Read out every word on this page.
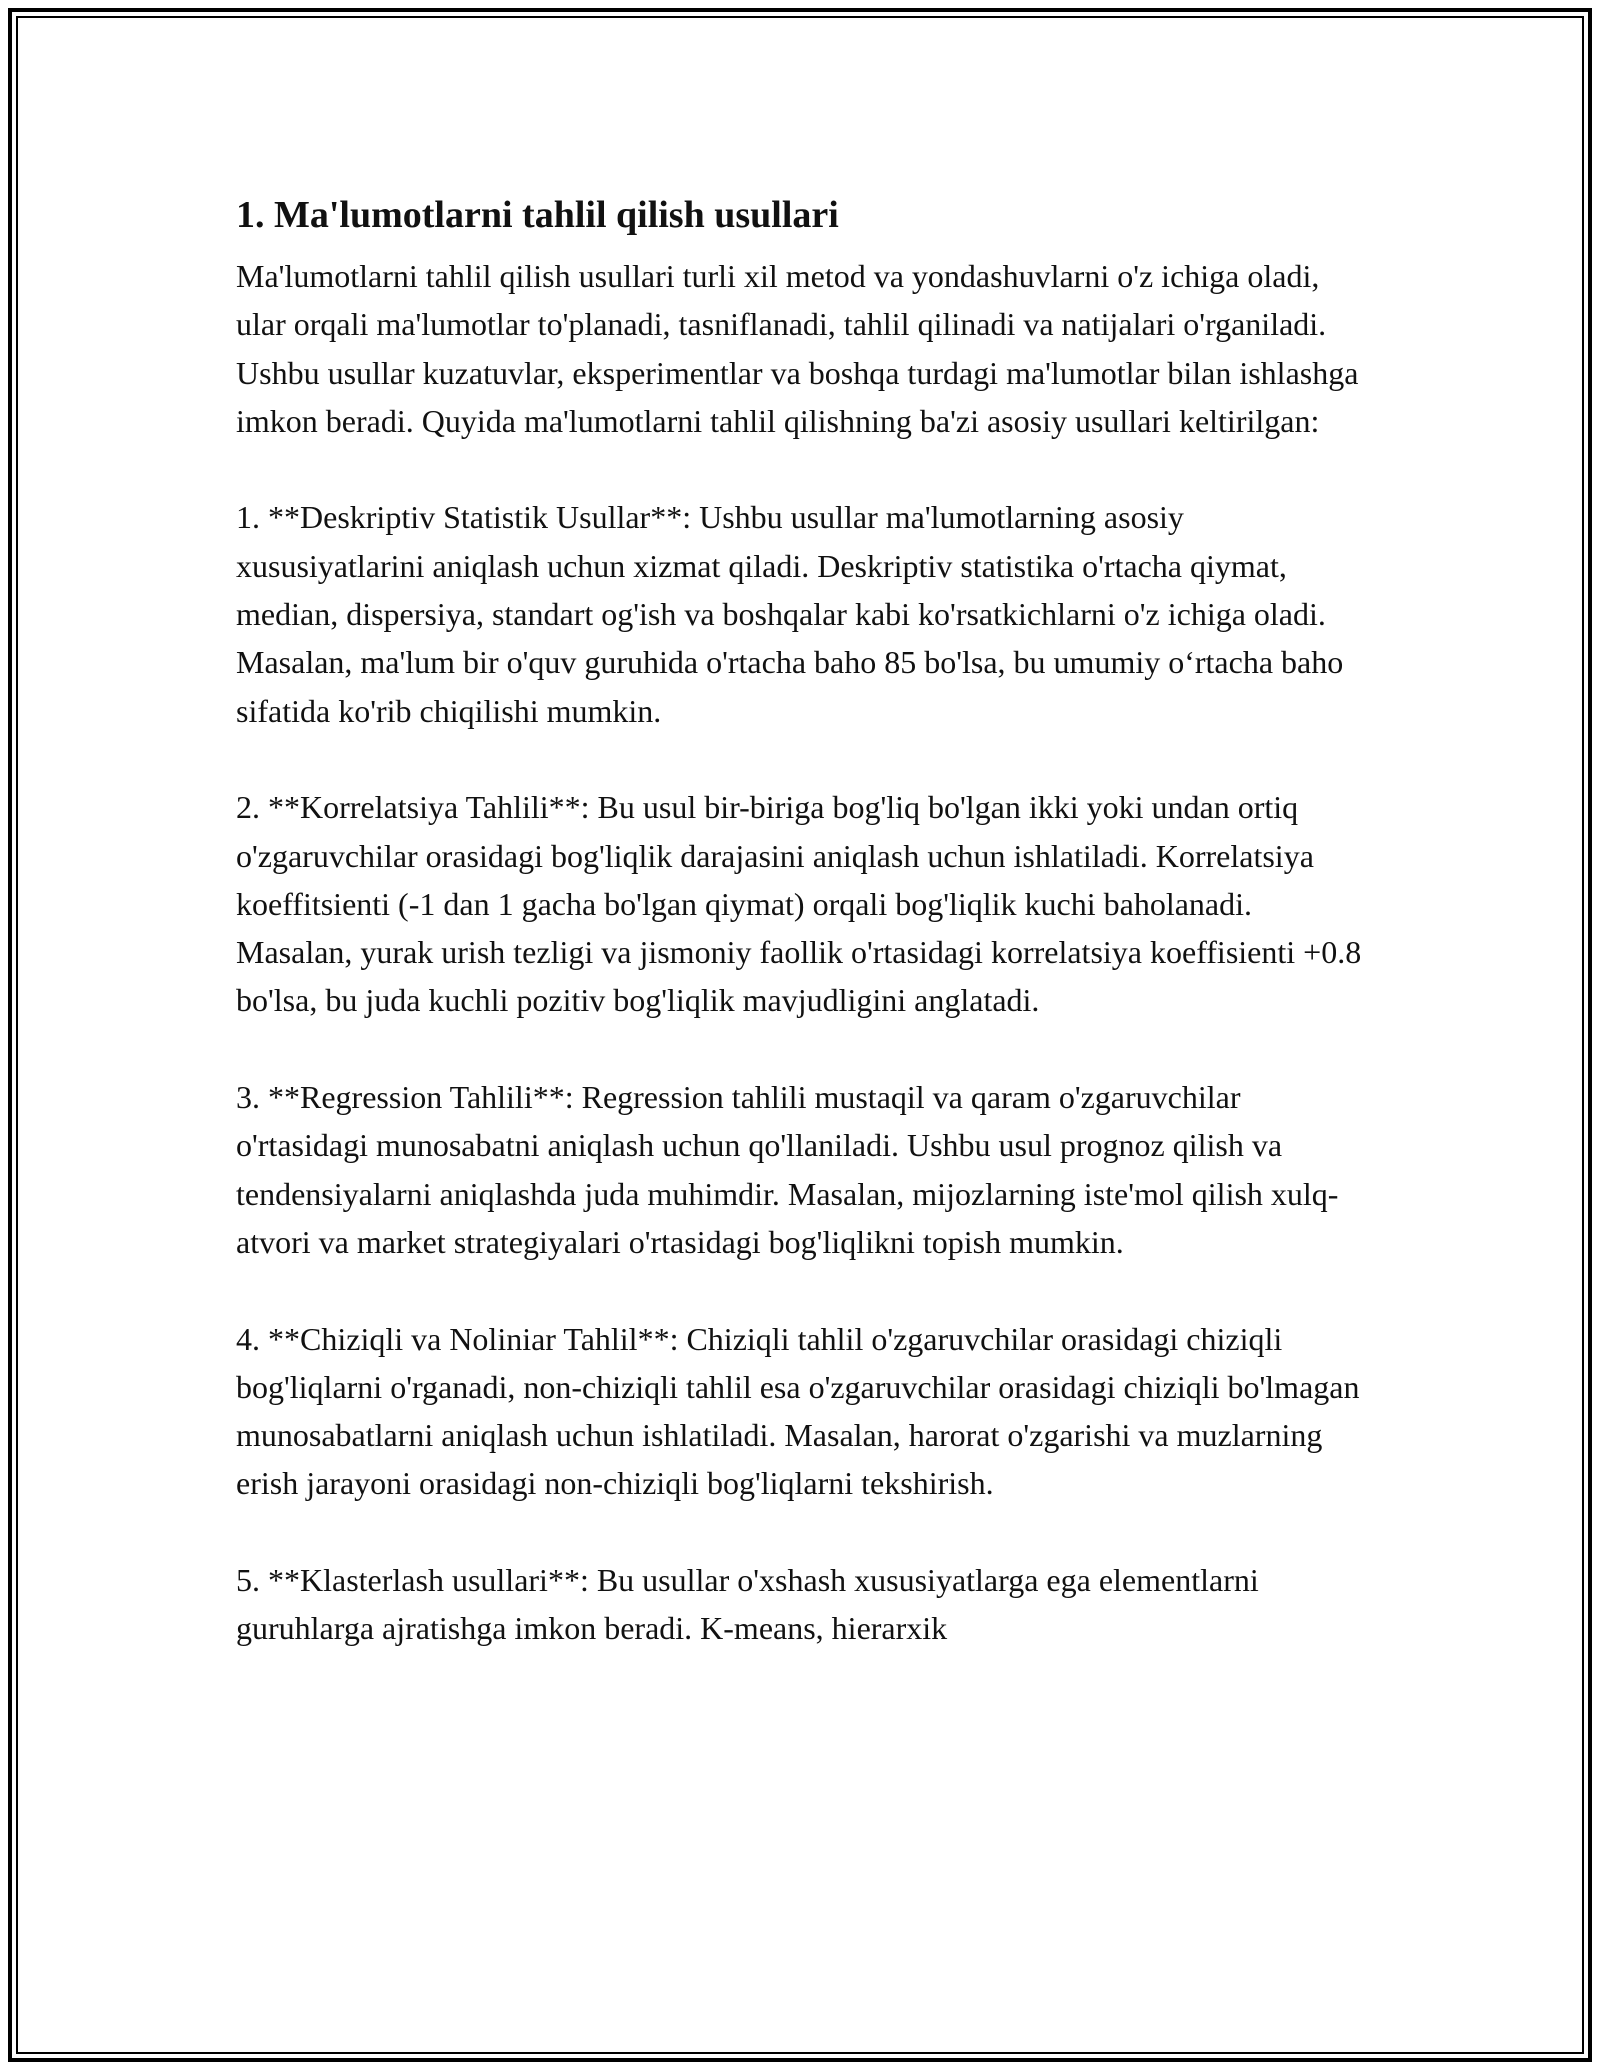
1. Ma'lumotlarni tahlil qilish usullari

Ma'lumotlarni tahlil qilish usullari turli xil metod va yondashuvlarni o'z ichiga oladi, ular orqali ma'lumotlar to'planadi, tasniflanadi, tahlil qilinadi va natijalari o'rganiladi. Ushbu usullar kuzatuvlar, eksperimentlar va boshqa turdagi ma'lumotlar bilan ishlashga imkon beradi. Quyida ma'lumotlarni tahlil qilishning ba'zi asosiy usullari keltirilgan:

1. **Deskriptiv Statistik Usullar**: Ushbu usullar ma'lumotlarning asosiy xususiyatlarini aniqlash uchun xizmat qiladi. Deskriptiv statistika o'rtacha qiymat, median, dispersiya, standart og'ish va boshqalar kabi ko'rsatkichlarni o'z ichiga oladi. Masalan, ma'lum bir o'quv guruhida o'rtacha baho 85 bo'lsa, bu umumiy o‘rtacha baho sifatida ko'rib chiqilishi mumkin.

2. **Korrelatsiya Tahlili**: Bu usul bir-biriga bog'liq bo'lgan ikki yoki undan ortiq o'zgaruvchilar orasidagi bog'liqlik darajasini aniqlash uchun ishlatiladi. Korrelatsiya koeffitsienti (-1 dan 1 gacha bo'lgan qiymat) orqali bog'liqlik kuchi baholanadi. Masalan, yurak urish tezligi va jismoniy faollik o'rtasidagi korrelatsiya koeffisienti +0.8 bo'lsa, bu juda kuchli pozitiv bog'liqlik mavjudligini anglatadi.

3. **Regression Tahlili**: Regression tahlili mustaqil va qaram o'zgaruvchilar o'rtasidagi munosabatni aniqlash uchun qo'llaniladi. Ushbu usul prognoz qilish va tendensiyalarni aniqlashda juda muhimdir. Masalan, mijozlarning iste'mol qilish xulq-atvori va market strategiyalari o'rtasidagi bog'liqlikni topish mumkin.

4. **Chiziqli va Noliniar Tahlil**: Chiziqli tahlil o'zgaruvchilar orasidagi chiziqli bog'liqlarni o'rganadi, non-chiziqli tahlil esa o'zgaruvchilar orasidagi chiziqli bo'lmagan munosabatlarni aniqlash uchun ishlatiladi. Masalan, harorat o'zgarishi va muzlarning erish jarayoni orasidagi non-chiziqli bog'liqlarni tekshirish.

5. **Klasterlash usullari**: Bu usullar o'xshash xususiyatlarga ega elementlarni guruhlarga ajratishga imkon beradi. K-means, hierarxik
